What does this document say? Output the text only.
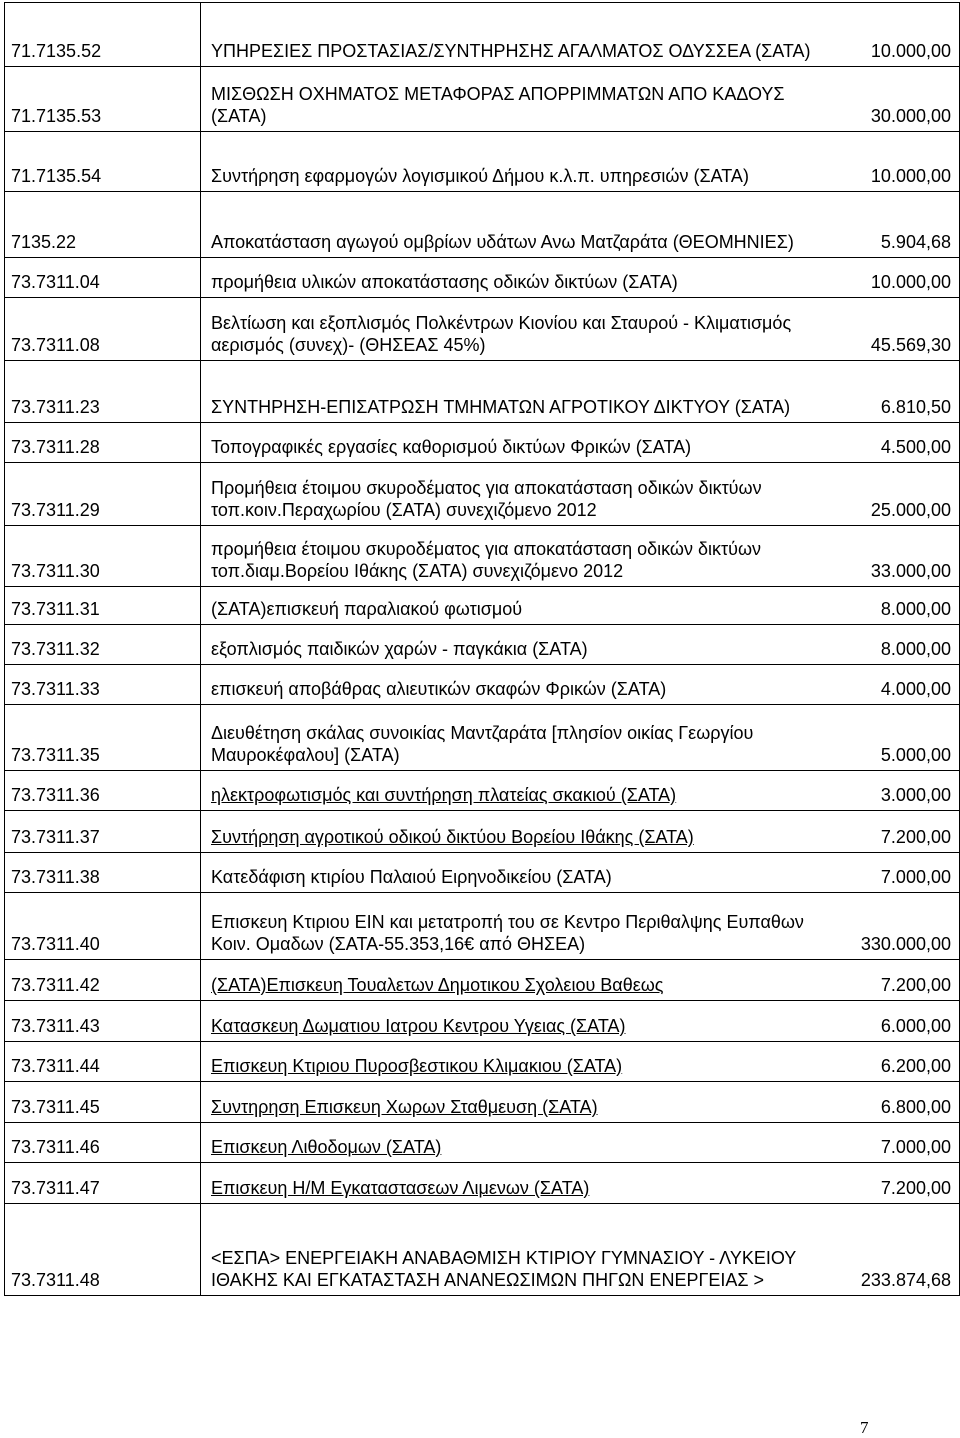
71.7135.52	ΥΠΗΡΕΣΙΕΣ ΠΡΟΣΤΑΣΙΑΣ/ΣΥΝΤΗΡΗΣΗΣ ΑΓΑΛΜΑΤΟΣ ΟΔΥΣΣΕΑ (ΣΑΤΑ) 10.000,00

71.7135.53	ΜΙΣΘΩΣΗ ΟΧΗΜΑΤΟΣ ΜΕΤΑΦΟΡΑΣ ΑΠΟΡΡΙΜΜΑΤΩΝ ΑΠΟ ΚΑΔΟΥΣ (ΣΑΤΑ) 30.000,00

71.7135.54	Συντήρηση εφαρμογών λογισμικού Δήμου κ.λ.π. υπηρεσιών (ΣΑΤΑ) 10.000,00

7135.22	Αποκατάσταση αγωγού ομβρίων υδάτων Ανω Ματζαράτα (ΘΕΟΜΗΝΙΕΣ) 5.904,68

73.7311.04	προμήθεια υλικών αποκατάστασης οδικών δικτύων (ΣΑΤΑ) 10.000,00

73.7311.08	Βελτίωση και εξοπλισμός Πολκέντρων Κιονίου και Σταυρού - Κλιματισμός αερισμός (συνεχ)- (ΘΗΣΕΑΣ 45%) 45.569,30

73.7311.23	ΣΥΝΤΗΡΗΣΗ-ΕΠΙΣΑΤΡΩΣΗ ΤΜΗΜΑΤΩΝ ΑΓΡΟΤΙΚΟΥ ΔΙΚΤΥΟΥ (ΣΑΤΑ) 6.810,50

73.7311.28	Τοπογραφικές εργασίες καθορισμού δικτύων Φρικών (ΣΑΤΑ) 4.500,00

73.7311.29	Προμήθεια έτοιμου σκυροδέματος για αποκατάσταση οδικών δικτύων τοπ.κοιν.Περαχωρίου (ΣΑΤΑ) συνεχιζόμενο 2012 25.000,00

73.7311.30	προμήθεια έτοιμου σκυροδέματος για αποκατάσταση οδικών δικτύων τοπ.διαμ.Βορείου Ιθάκης (ΣΑΤΑ) συνεχιζόμενο 2012 33.000,00

73.7311.31	(ΣΑΤΑ)επισκευή παραλιακού φωτισμού 8.000,00

73.7311.32	εξοπλισμός παιδικών χαρών - παγκάκια (ΣΑΤΑ) 8.000,00

73.7311.33	επισκευή αποβάθρας αλιευτικών σκαφών Φρικών (ΣΑΤΑ) 4.000,00

73.7311.35	Διευθέτηση σκάλας συνοικίας Μαντζαράτα [πλησίον οικίας Γεωργίου Μαυροκέφαλου] (ΣΑΤΑ) 5.000,00

73.7311.36	ηλεκτροφωτισμός και συντήρηση πλατείας σκακιού (ΣΑΤΑ) 3.000,00

73.7311.37	Συντήρηση αγροτικού οδικού δικτύου Βορείου Ιθάκης (ΣΑΤΑ) 7.200,00

73.7311.38	Κατεδάφιση κτιρίου Παλαιού Ειρηνοδικείου (ΣΑΤΑ) 7.000,00

73.7311.40	Επισκευη Κτιριου ΕΙΝ και μετατροπή του σε Κεντρο Περιθαλψης Ευπαθων Κοιν. Ομαδων (ΣΑΤΑ-55.353,16€ από ΘΗΣΕΑ) 330.000,00

73.7311.42	(ΣΑΤΑ)Επισκευη Τουαλετων Δημοτικου Σχολειου Βαθεως 7.200,00

73.7311.43	Κατασκευη Δωματιου Ιατρου Κεντρου Υγειας (ΣΑΤΑ) 6.000,00

73.7311.44	Επισκευη Κτιριου Πυροσβεστικου Κλιμακιου (ΣΑΤΑ) 6.200,00

73.7311.45	Συντηρηση Επισκευη Χωρων Σταθμευση (ΣΑΤΑ) 6.800,00

73.7311.46	Επισκευη Λιθοδομων (ΣΑΤΑ) 7.000,00

73.7311.47	Επισκευη Η/Μ Εγκαταστασεων Λιμενων (ΣΑΤΑ) 7.200,00

73.7311.48	<ΕΣΠΑ> ΕΝΕΡΓΕΙΑΚΗ ΑΝΑΒΑΘΜΙΣΗ ΚΤΙΡΙΟΥ ΓΥΜΝΑΣΙΟΥ - ΛΥΚΕΙΟΥ ΙΘΑΚΗΣ ΚΑΙ ΕΓΚΑΤΑΣΤΑΣΗ ΑΝΑΝΕΩΣΙΜΩΝ ΠΗΓΩΝ ΕΝΕΡΓΕΙΑΣ > 233.874,68
7
